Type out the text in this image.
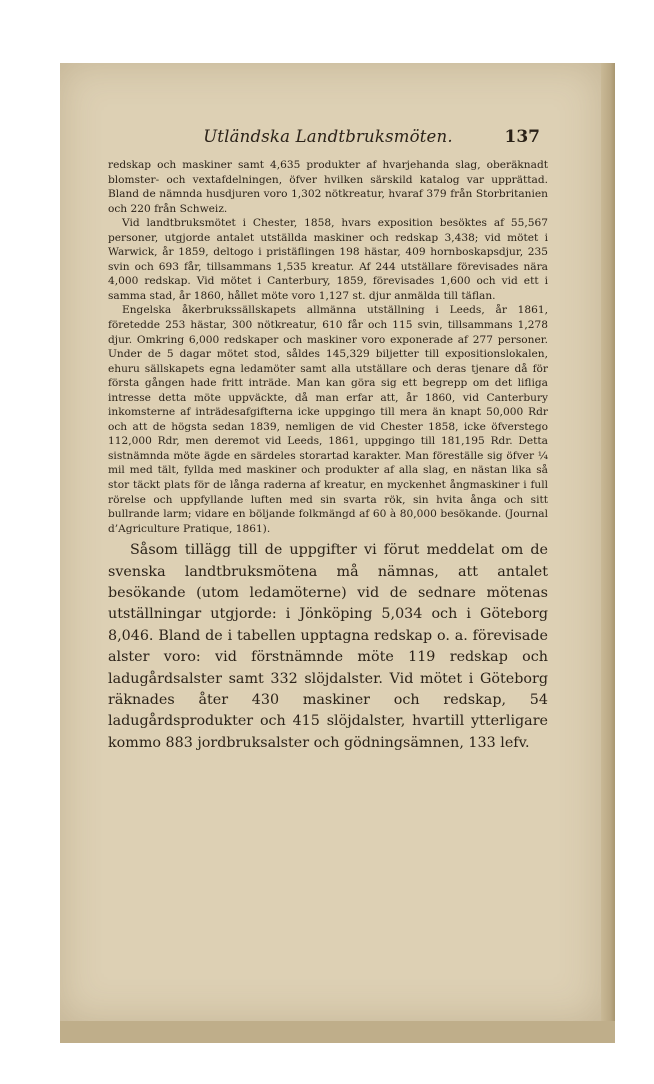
Utländska Landtbruksmöten.	137

redskap och maskiner samt 4,635 produkter af hvarjehanda slag, oberäknadt blomster- och vextafdelningen, öfver hvilken särskild katalog var upprättad. Bland de nämnda husdjuren voro 1,302 nötkreatur, hvaraf 379 från Storbritanien och 220 från Schweiz.

Vid landtbruksmötet i Chester, 1858, hvars exposition besöktes af 55,567 personer, utgjorde antalet utställda maskiner och redskap 3,438; vid mötet i Warwick, år 1859, deltogo i pristäflingen 198 hästar, 409 hornboskapsdjur, 235 svin och 693 får, tillsammans 1,535 kreatur. Af 244 utställare förevisades nära 4,000 redskap. Vid mötet i Canterbury, 1859, förevisades 1,600 och vid ett i samma stad, år 1860, hållet möte voro 1,127 st. djur anmälda till täflan.

Engelska åkerbrukssällskapets allmänna utställning i Leeds, år 1861, företedde 253 hästar, 300 nötkreatur, 610 får och 115 svin, tillsammans 1,278 djur. Omkring 6,000 redskaper och maskiner voro exponerade af 277 personer. Under de 5 dagar mötet stod, såldes 145,329 biljetter till expositionslokalen, ehuru sällskapets egna ledamöter samt alla utställare och deras tjenare då för första gången hade fritt inträde. Man kan göra sig ett begrepp om det lifliga intresse detta möte uppväckte, då man erfar att, år 1860, vid Canterbury inkomsterne af inträdesafgifterna icke uppgingo till mera än knapt 50,000 Rdr och att de högsta sedan 1839, nemligen de vid Chester 1858, icke öfverstego 112,000 Rdr, men deremot vid Leeds, 1861, uppgingo till 181,195 Rdr. Detta sistnämnda möte ägde en särdeles storartad karakter. Man föreställe sig öfver ¼ mil med tält, fyllda med maskiner och produkter af alla slag, en nästan lika så stor täckt plats för de långa raderna af kreatur, en myckenhet ångmaskiner i full rörelse och uppfyllande luften med sin svarta rök, sin hvita ånga och sitt bullrande larm; vidare en böljande folkmängd af 60 à 80,000 besökande. (Journal d’Agriculture Pratique, 1861).

Såsom tillägg till de uppgifter vi förut meddelat om de svenska landtbruksmötena må nämnas, att antalet besökande (utom ledamöterne) vid de sednare mötenas utställningar utgjorde: i Jönköping 5,034 och i Göteborg 8,046. Bland de i tabellen upptagna redskap o. a. förevisade alster voro: vid förstnämnde möte 119 redskap och ladugårdsalster samt 332 slöjdalster. Vid mötet i Göteborg räknades åter 430 maskiner och redskap, 54 ladugårdsprodukter och 415 slöjdalster, hvartill ytterligare kommo 883 jordbruksalster och gödningsämnen, 133 lefv.
